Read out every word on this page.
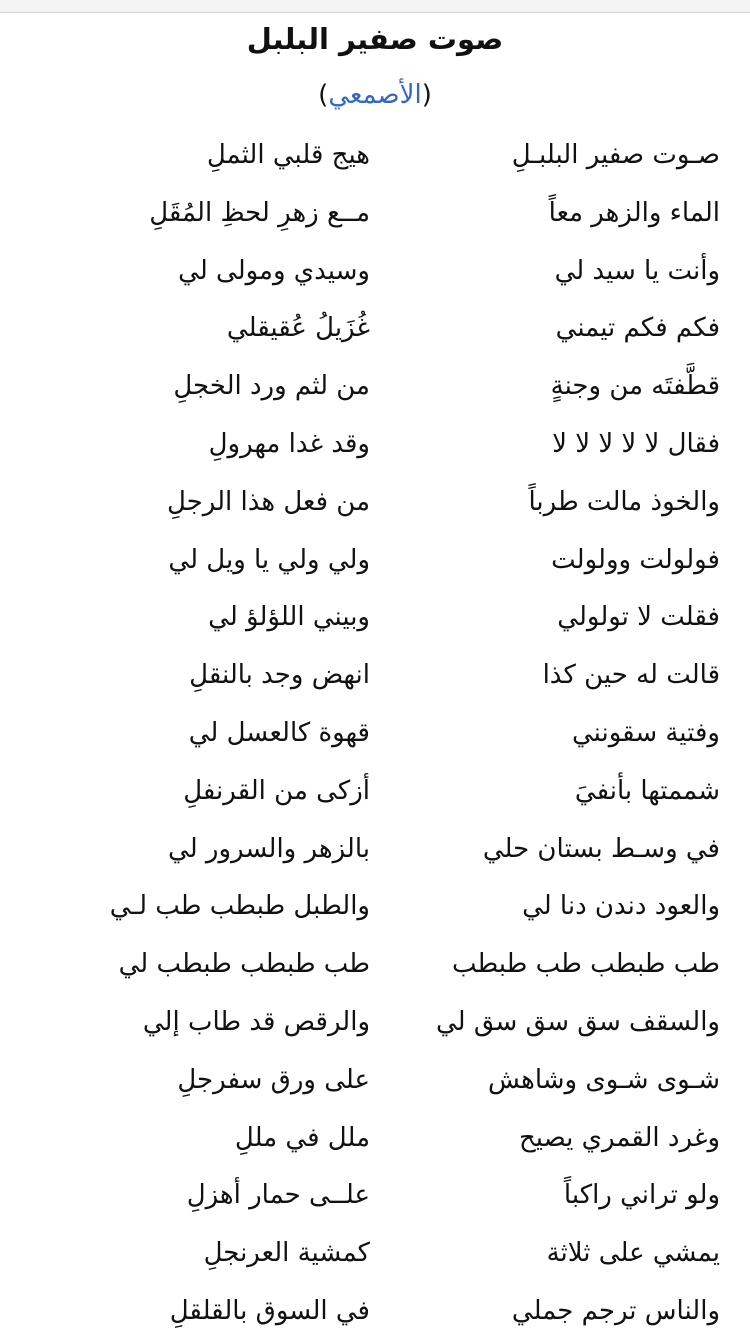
صوت صفير البلبل
(الأصمعي)
صـوت صفير البلبـلِ
هيج قلبي الثملِ
الماء والزهر معاً
مــع زهرِ لحظِ المُقَلِ
وأنت يا سيد لي
وسيدي ومولى لي
فكم فكم تيمني
غُزَيلُ عُقيقلي
قطَّفتَه من وجنةٍ
من لثم ورد الخجلِ
فقال لا لا لا لا لا
وقد غدا مهرولِ
والخوذ مالت طرباً
من فعل هذا الرجلِ
فولولت وولولت
ولي ولي يا ويل لي
فقلت لا تولولي
وبيني اللؤلؤ لي
قالت له حين كذا
انهض وجد بالنقلِ
وفتية سقونني
قهوة كالعسل لي
شممتها بأنفيَ
أزكى من القرنفلِ
في وسـط بستان حلي
بالزهر والسرور لي
والعود دندن دنا لي
والطبل طبطب طب لـي
طب طبطب طب طبطب
طب طبطب طبطب لي
والسقف سق سق سق لي
والرقص قد طاب إلي
شـوى شـوى وشاهش
على ورق سفرجلِ
وغرد القمري يصيح
ملل في مللِ
ولو تراني راكباً
علــى حمار أهزلِ
يمشي على ثلاثة
كمشية العرنجلِ
والناس ترجم جملي
في السوق بالقلقلِ
